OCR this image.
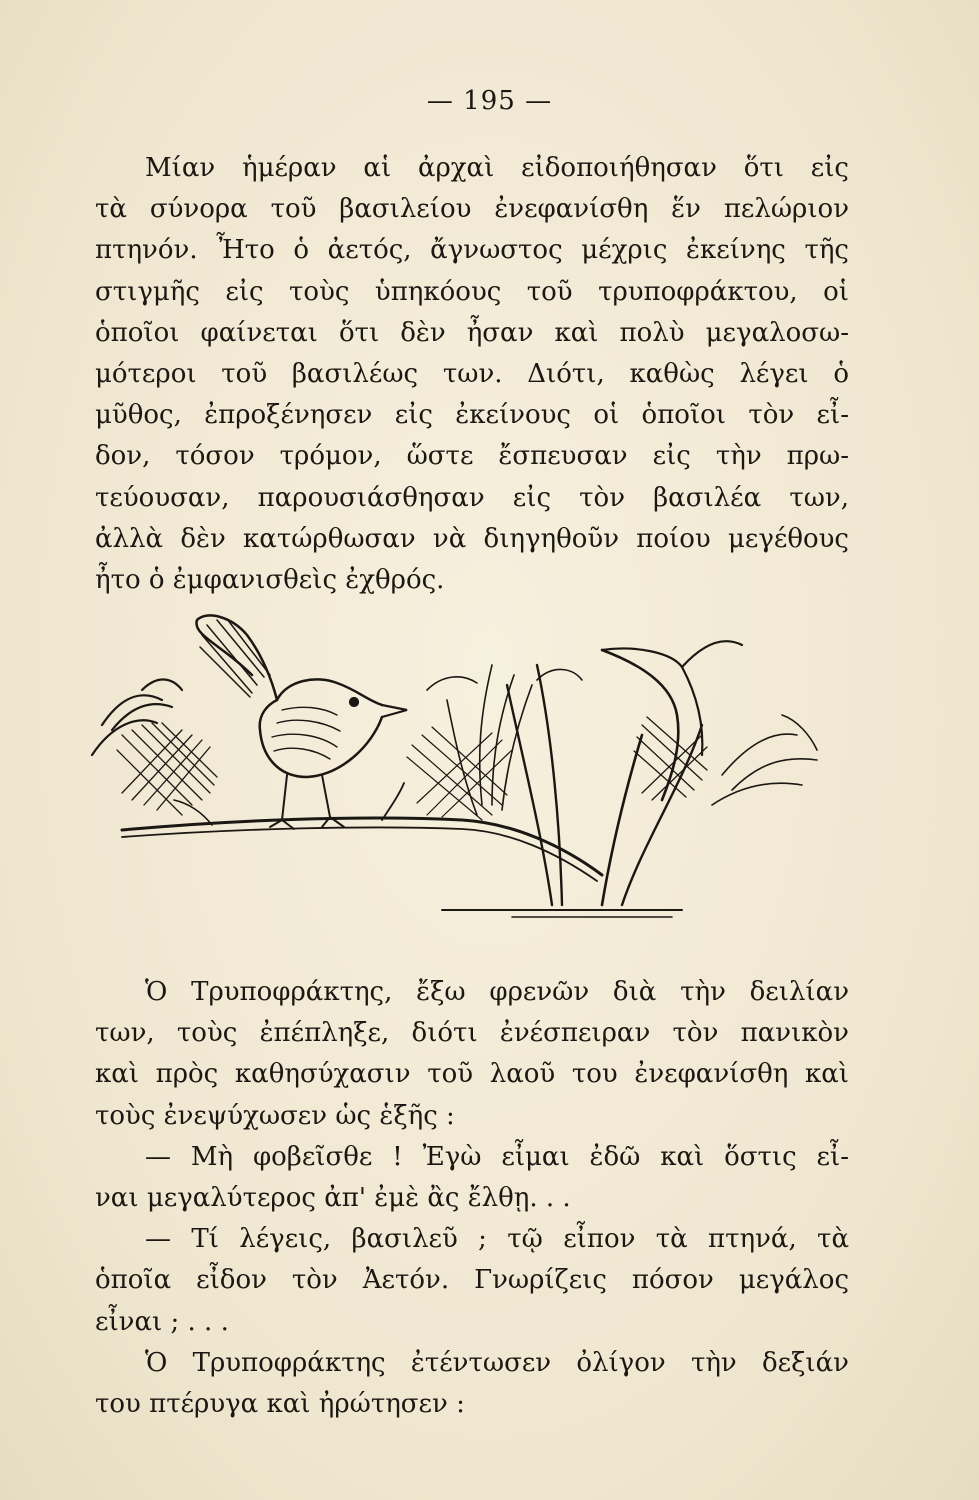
— 195 —
Μίαν ἡμέραν αἱ ἀρχαὶ εἰδοποιήθησαν ὅτι εἰς
τὰ σύνορα τοῦ βασιλείου ἐνεφανίσθη ἕν πελώριον
πτηνόν. Ἦτο ὁ ἀετός, ἄγνωστος μέχρις ἐκείνης τῆς
στιγμῆς εἰς τοὺς ὑπηκόους τοῦ τρυποφράκτου, οἱ
ὁποῖοι φαίνεται ὅτι δὲν ἦσαν καὶ πολὺ μεγαλοσω-
μότεροι τοῦ βασιλέως των. Διότι, καθὼς λέγει ὁ
μῦθος, ἐπροξένησεν εἰς ἐκείνους οἱ ὁποῖοι τὸν εἶ-
δον, τόσον τρόμον, ὥστε ἔσπευσαν εἰς τὴν πρω-
τεύουσαν, παρουσιάσθησαν εἰς τὸν βασιλέα των,
ἀλλὰ δὲν κατώρθωσαν νὰ διηγηθοῦν ποίου μεγέθους
ἦτο ὁ ἐμφανισθεὶς ἐχθρός.
Ὁ Τρυποφράκτης, ἔξω φρενῶν διὰ τὴν δειλίαν
των, τοὺς ἐπέπληξε, διότι ἐνέσπειραν τὸν πανικὸν
καὶ πρὸς καθησύχασιν τοῦ λαοῦ του ἐνεφανίσθη καὶ
τοὺς ἐνεψύχωσεν ὡς ἑξῆς :
— Μὴ φοβεῖσθε ! Ἐγὼ εἶμαι ἐδῶ καὶ ὅστις εἶ-
ναι μεγαλύτερος ἀπ' ἐμὲ ἂς ἔλθῃ. . .
— Τί λέγεις, βασιλεῦ ; τῷ εἶπον τὰ πτηνά, τὰ
ὁποῖα εἶδον τὸν Ἀετόν. Γνωρίζεις πόσον μεγάλος
εἶναι ; . . .
Ὁ Τρυποφράκτης ἐτέντωσεν ὀλίγον τὴν δεξιάν
του πτέρυγα καὶ ἠρώτησεν :
